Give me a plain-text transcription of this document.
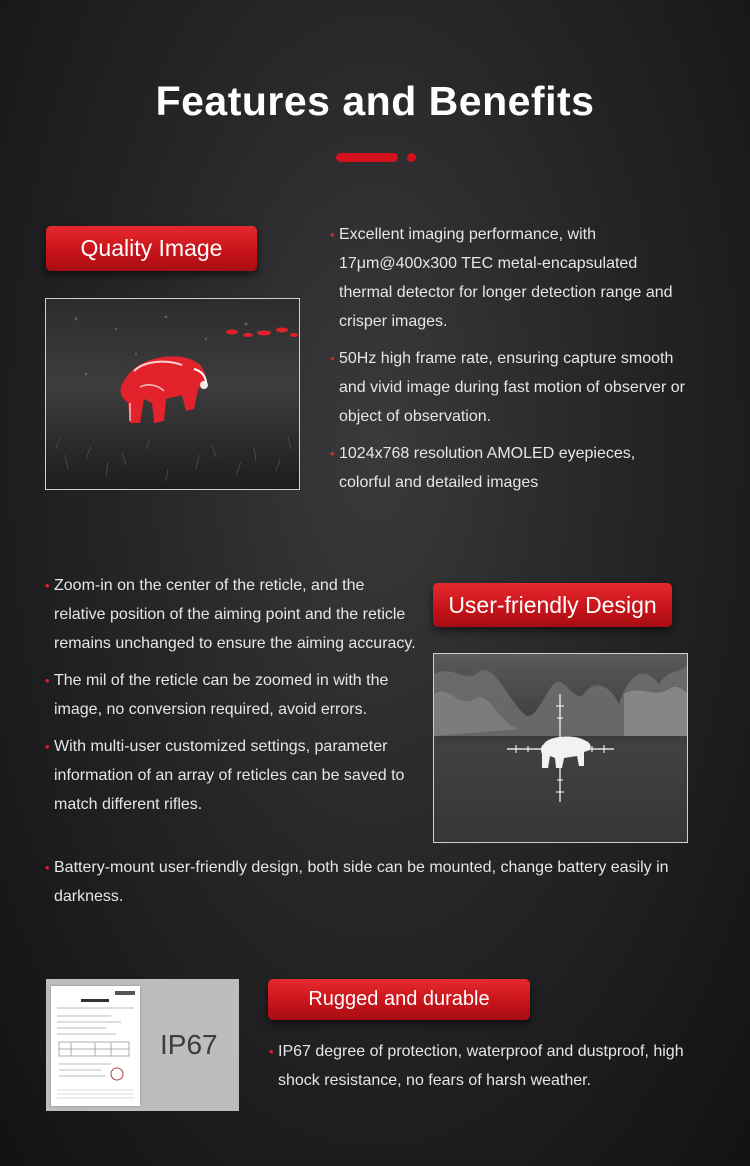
Features and Benefits
Quality Image
• Excellent imaging performance, with 17μm@400x300 TEC metal-encapsulated thermal detector for longer detection range and crisper images.
• 50Hz high frame rate, ensuring capture smooth and vivid image during fast motion of observer or object of observation.
• 1024x768 resolution AMOLED eyepieces, colorful and detailed images
• Zoom-in on the center of the reticle, and the relative position of the aiming point and the reticle remains unchanged to ensure the aiming accuracy.
• The mil of the reticle can be zoomed in with the image, no conversion required, avoid errors.
• With multi-user customized settings, parameter information of an array of reticles can be saved to match different rifles.
User-friendly Design
• Battery-mount user-friendly design, both side can be mounted, change battery easily in darkness.
IP67
Rugged and durable
• IP67 degree of protection, waterproof and dustproof, high shock resistance, no fears of harsh weather.
